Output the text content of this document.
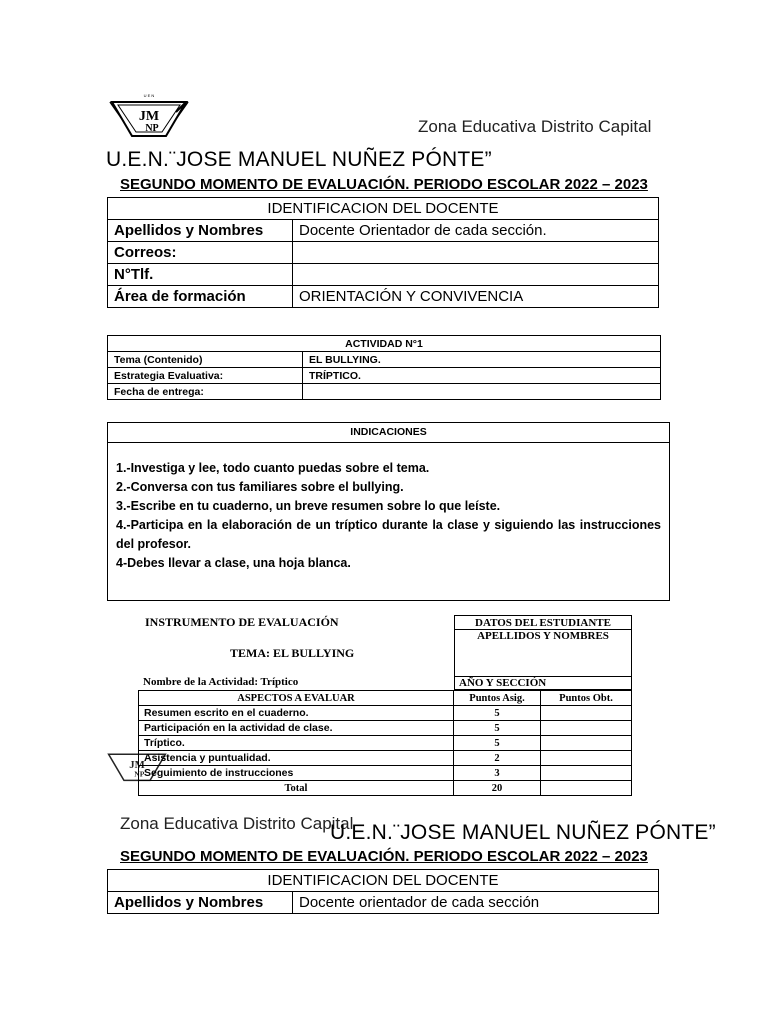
U E N
JM
NP	Zona Educativa Distrito Capital
U.E.N.¨JOSE MANUEL NUÑEZ PÓNTE”
SEGUNDO MOMENTO DE EVALUACIÓN. PERIODO ESCOLAR 2022 – 2023
IDENTIFICACION DEL DOCENTE	
Apellidos y Nombres	Docente Orientador de cada sección.
Correos:	
N°Tlf.	
Área de formación	ORIENTACIÓN Y CONVIVENCIA
ACTIVIDAD N°1	
Tema (Contenido)	EL BULLYING.
Estrategia Evaluativa:	TRÍPTICO.
Fecha de entrega:	
INDICACIONES
1.-Investiga y lee, todo cuanto puedas sobre el tema.
2.-Conversa con tus familiares sobre el bullying.
3.-Escribe en tu cuaderno, un breve resumen sobre lo que leíste.
4.-Participa en la elaboración de un tríptico durante la clase y siguiendo las instrucciones del profesor.
4-Debes llevar a clase, una hoja blanca.
INSTRUMENTO DE EVALUACIÓN
TEMA: EL BULLYING
DATOS DEL ESTUDIANTE
APELLIDOS Y NOMBRES
AÑO Y SECCIÓN
Nombre de la Actividad: Tríptico
ASPECTOS A EVALUAR	Puntos Asig.	Puntos Obt.
Resumen escrito en el cuaderno.	5	
Participación en la actividad de clase.	5	
Tríptico.	5	
Asistencia y puntualidad.	2	
Seguimiento de instrucciones	3	
Total	20	
JM
NP
Zona Educativa Distrito Capital
U.E.N.¨JOSE MANUEL NUÑEZ PÓNTE”
SEGUNDO MOMENTO DE EVALUACIÓN. PERIODO ESCOLAR 2022 – 2023
IDENTIFICACION DEL DOCENTE
Apellidos y Nombres	Docente orientador de cada sección
